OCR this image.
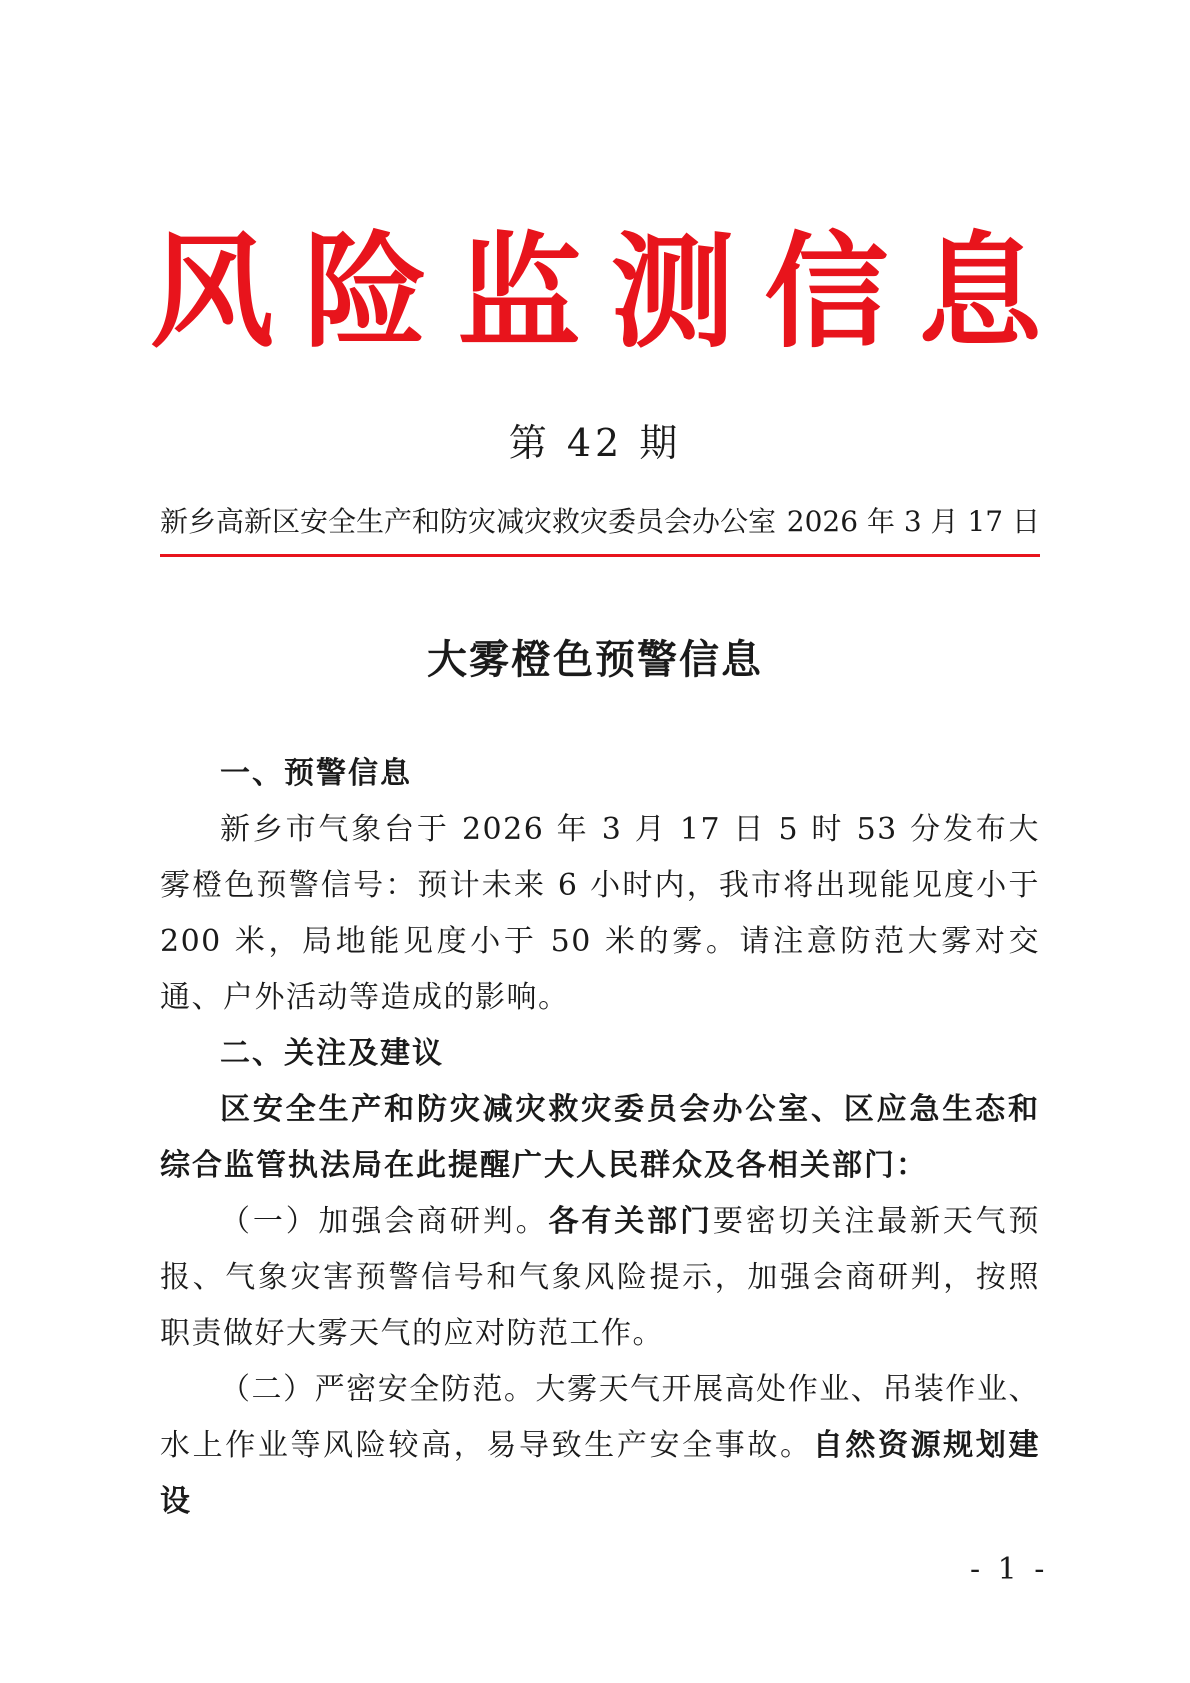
风 险 监 测 信 息
第 42 期
新乡高新区安全生产和防灾减灾救灾委员会办公室 2026 年 3 月 17 日
大雾橙色预警信息

一、预警信息

新乡市气象台于 2026 年 3 月 17 日 5 时 53 分发布大雾橙色预警信号：预计未来 6 小时内，我市将出现能见度小于 200 米，局地能见度小于 50 米的雾。请注意防范大雾对交通、户外活动等造成的影响。

二、关注及建议

区安全生产和防灾减灾救灾委员会办公室、区应急生态和综合监管执法局在此提醒广大人民群众及各相关部门：

（一）加强会商研判。各有关部门要密切关注最新天气预报、气象灾害预警信号和气象风险提示，加强会商研判，按照职责做好大雾天气的应对防范工作。

（二）严密安全防范。大雾天气开展高处作业、吊装作业、水上作业等风险较高，易导致生产安全事故。自然资源规划建设

- 1 -
